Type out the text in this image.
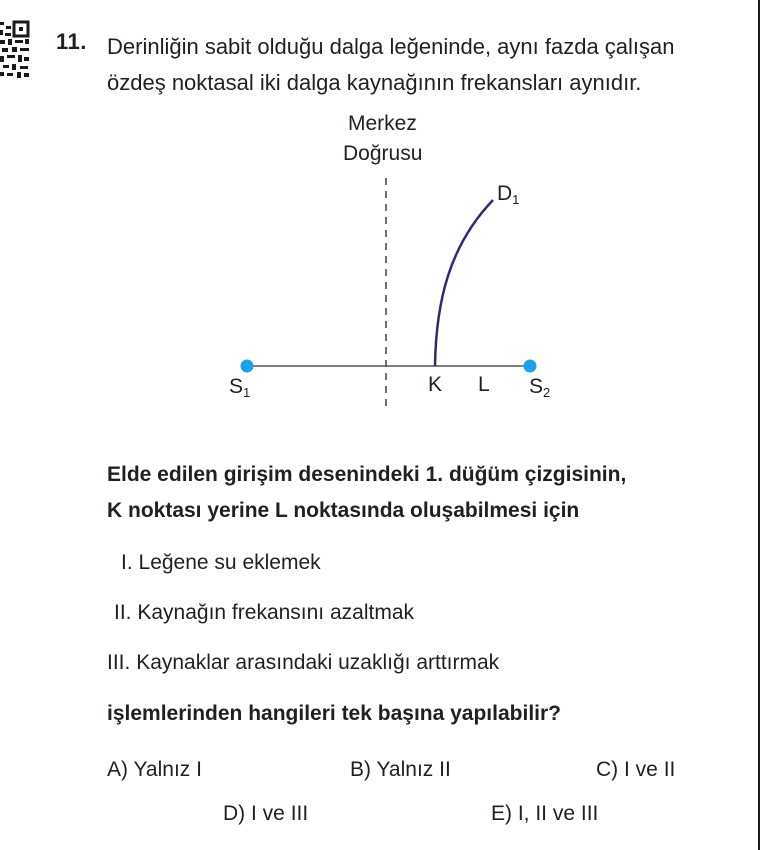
11. Derinliğin sabit olduğu dalga leğeninde, aynı fazda çalışan

özdeş noktasal iki dalga kaynağının frekansları aynıdır.

Merkez
Doğrusu
$D_1$
$S_1$	$S_2$
K L

Elde edilen girişim desenindeki 1. düğüm çizgisinin,

K noktası yerine L noktasında oluşabilmesi için

I. Leğene su eklemek
II. Kaynağın frekansını azaltmak
III. Kaynaklar arasındaki uzaklığı arttırmak
işlemlerinden hangileri tek başına yapılabilir?
A) Yalnız I	B) Yalnız II	C) I ve II
D) I ve III	E) I, II ve III
